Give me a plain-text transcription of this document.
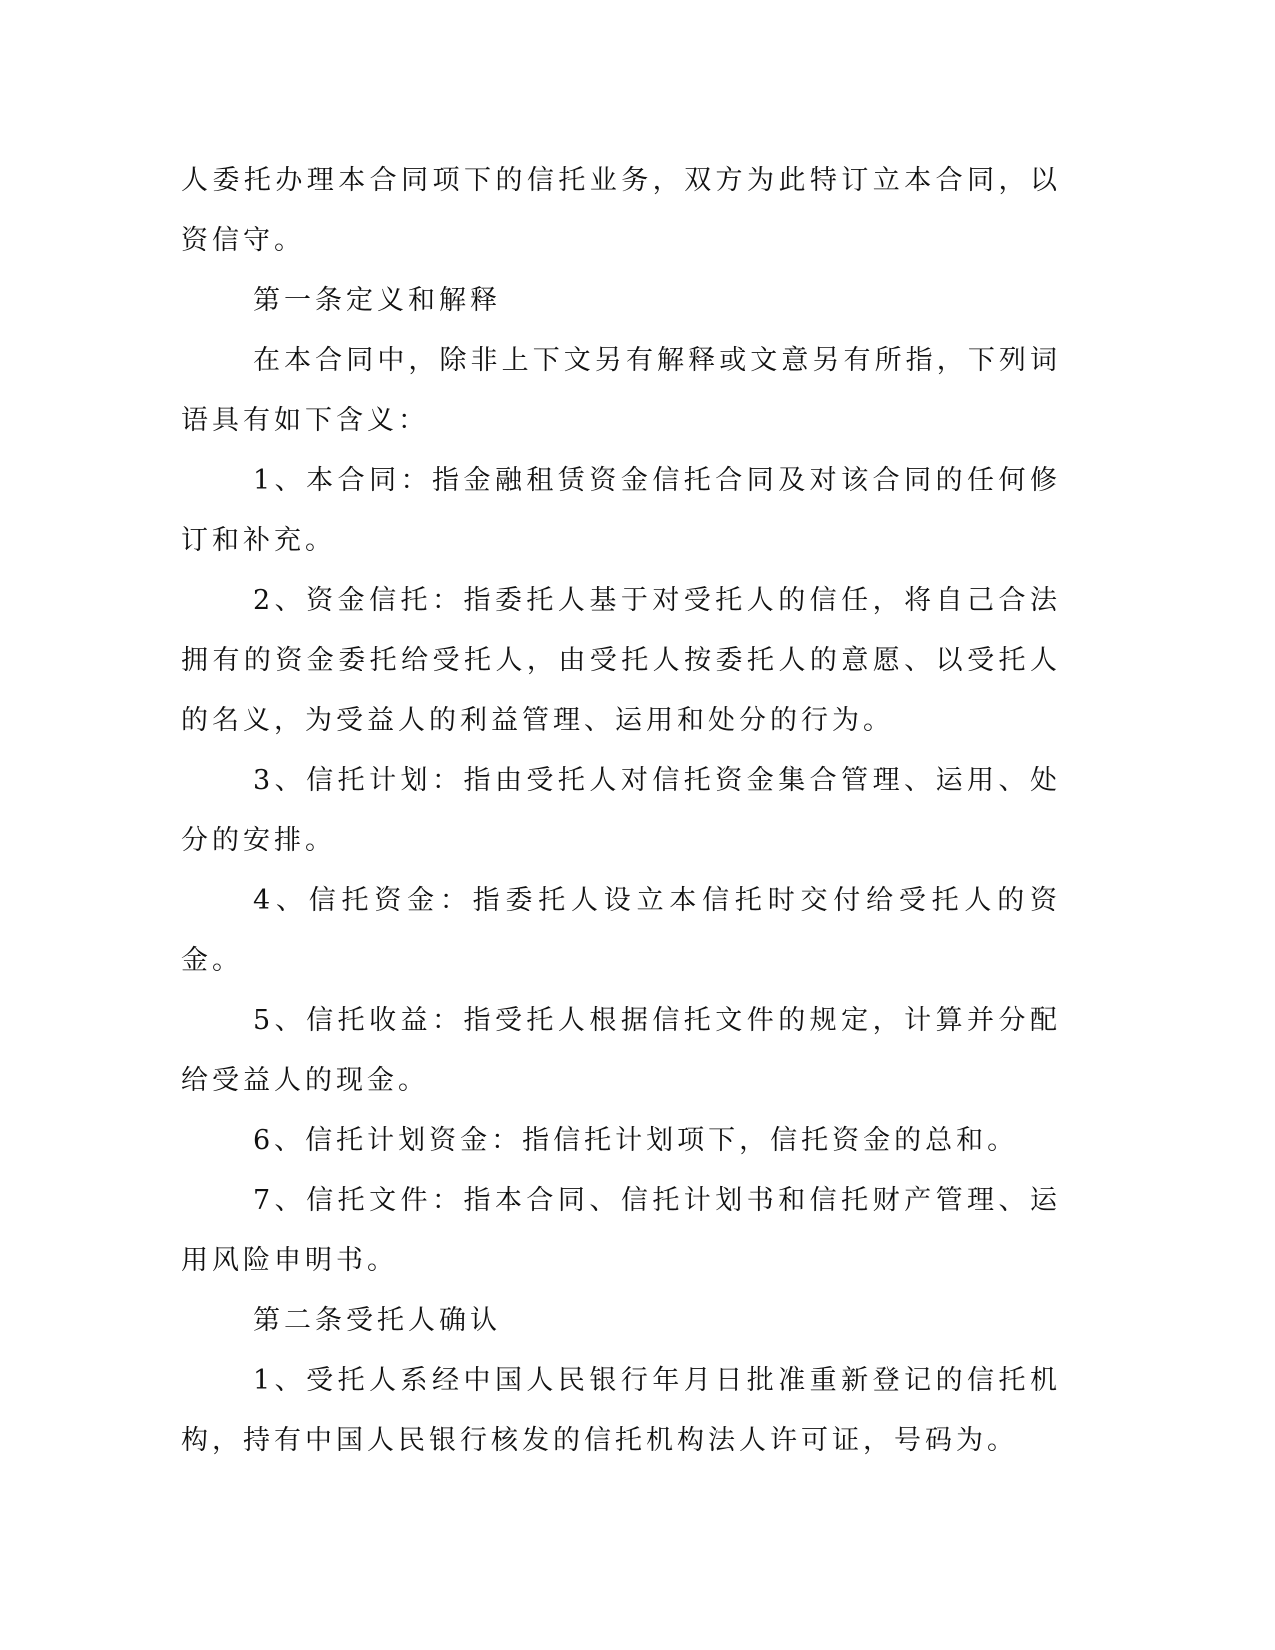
人委托办理本合同项下的信托业务，双方为此特订立本合同，以资信守。

第一条定义和解释

在本合同中，除非上下文另有解释或文意另有所指，下列词语具有如下含义：

1、本合同：指金融租赁资金信托合同及对该合同的任何修订和补充。

2、资金信托：指委托人基于对受托人的信任，将自己合法拥有的资金委托给受托人，由受托人按委托人的意愿、以受托人的名义，为受益人的利益管理、运用和处分的行为。

3、信托计划：指由受托人对信托资金集合管理、运用、处分的安排。

4、信托资金：指委托人设立本信托时交付给受托人的资金。

5、信托收益：指受托人根据信托文件的规定，计算并分配给受益人的现金。

6、信托计划资金：指信托计划项下，信托资金的总和。

7、信托文件：指本合同、信托计划书和信托财产管理、运用风险申明书。

第二条受托人确认

1、受托人系经中国人民银行年月日批准重新登记的信托机构，持有中国人民银行核发的信托机构法人许可证，号码为。
